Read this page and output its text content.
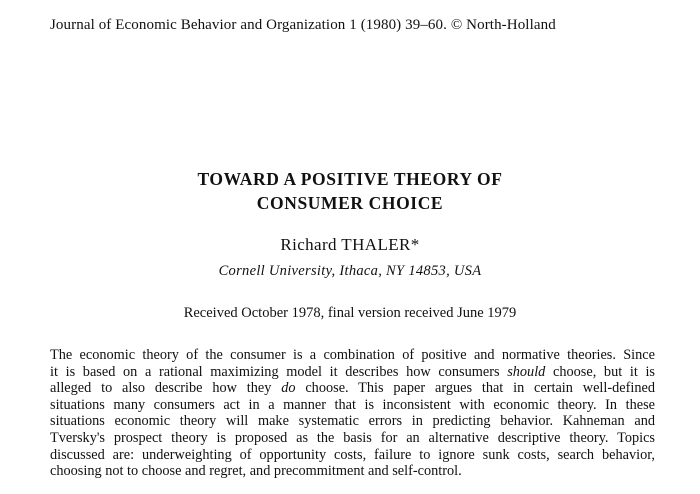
Journal of Economic Behavior and Organization 1 (1980) 39–60. © North-Holland
TOWARD A POSITIVE THEORY OF
CONSUMER CHOICE
Richard THALER*
Cornell University, Ithaca, NY 14853, USA
Received October 1978, final version received June 1979
The economic theory of the consumer is a combination of positive and normative theories. Since
it is based on a rational maximizing model it describes how consumers should choose, but it is
alleged to also describe how they do choose. This paper argues that in certain well-defined
situations many consumers act in a manner that is inconsistent with economic theory. In these
situations economic theory will make systematic errors in predicting behavior. Kahneman and
Tversky's prospect theory is proposed as the basis for an alternative descriptive theory. Topics
discussed are: underweighting of opportunity costs, failure to ignore sunk costs, search behavior,
choosing not to choose and regret, and precommitment and self-control.
